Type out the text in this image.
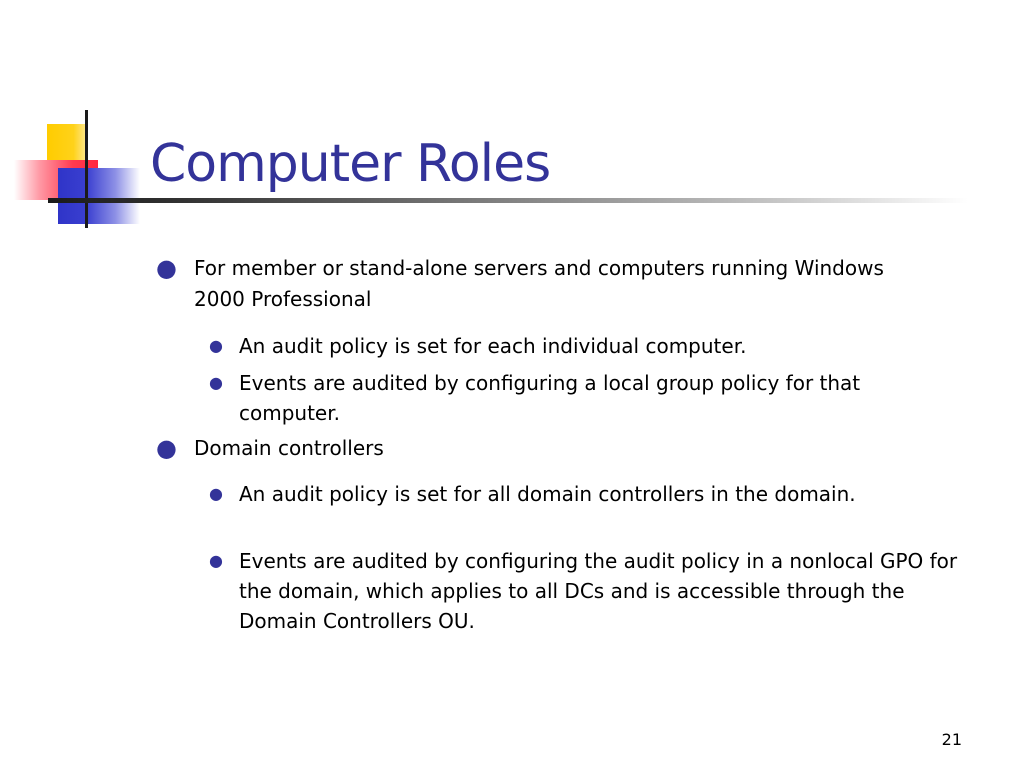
Computer Roles
● For member or stand-alone servers and computers running Windows 2000 Professional
● An audit policy is set for each individual computer.
● Events are audited by configuring a local group policy for that computer.
● Domain controllers
● An audit policy is set for all domain controllers in the domain.
● Events are audited by configuring the audit policy in a nonlocal GPO for the domain, which applies to all DCs and is accessible through the Domain Controllers OU.
21
